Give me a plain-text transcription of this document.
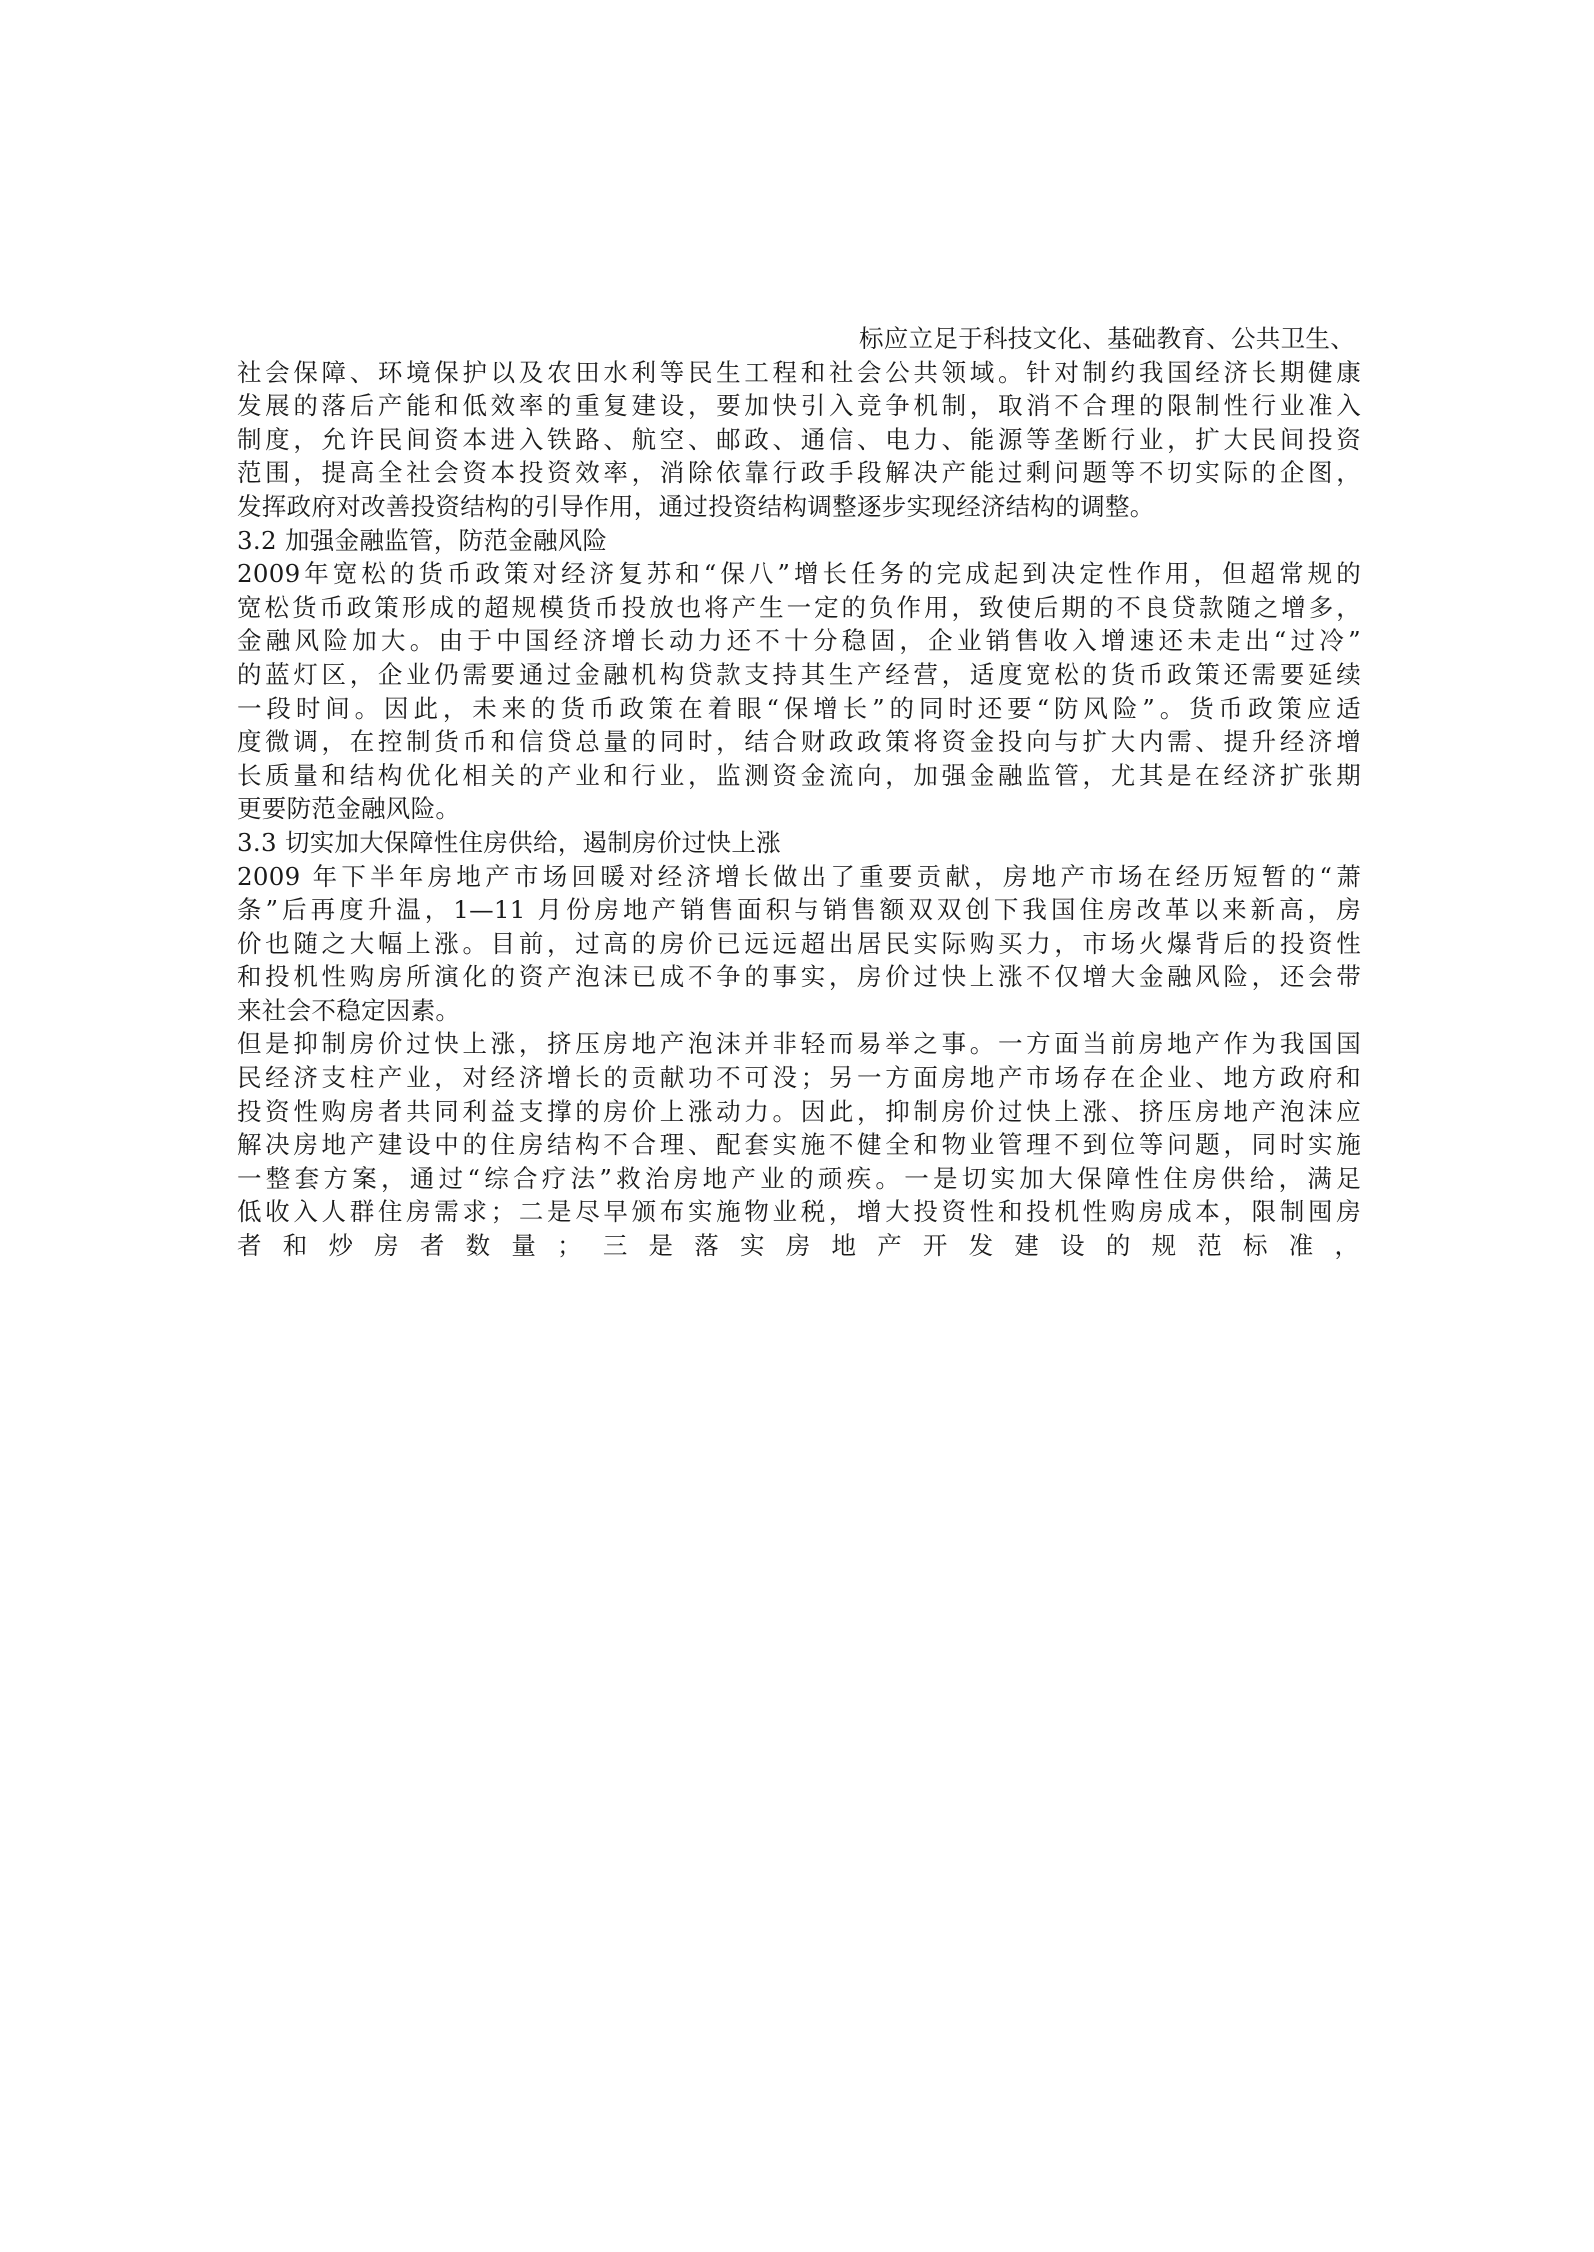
标应立足于科技文化、基础教育、公共卫生、
社会保障、环境保护以及农田水利等民生工程和社会公共领域。针对制约我国经济长期健康
发展的落后产能和低效率的重复建设，要加快引入竞争机制，取消不合理的限制性行业准入
制度，允许民间资本进入铁路、航空、邮政、通信、电力、能源等垄断行业，扩大民间投资
范围，提高全社会资本投资效率，消除依靠行政手段解决产能过剩问题等不切实际的企图，
发挥政府对改善投资结构的引导作用，通过投资结构调整逐步实现经济结构的调整。
3.2 加强金融监管，防范金融风险
2009年宽松的货币政策对经济复苏和“保八”增长任务的完成起到决定性作用，但超常规的
宽松货币政策形成的超规模货币投放也将产生一定的负作用，致使后期的不良贷款随之增多，
金融风险加大。由于中国经济增长动力还不十分稳固，企业销售收入增速还未走出“过冷”
的蓝灯区，企业仍需要通过金融机构贷款支持其生产经营，适度宽松的货币政策还需要延续
一段时间。因此，未来的货币政策在着眼“保增长”的同时还要“防风险”。货币政策应适
度微调，在控制货币和信贷总量的同时，结合财政政策将资金投向与扩大内需、提升经济增
长质量和结构优化相关的产业和行业，监测资金流向，加强金融监管，尤其是在经济扩张期
更要防范金融风险。
3.3 切实加大保障性住房供给，遏制房价过快上涨
2009 年下半年房地产市场回暖对经济增长做出了重要贡献，房地产市场在经历短暂的“萧
条”后再度升温，1—11 月份房地产销售面积与销售额双双创下我国住房改革以来新高，房
价也随之大幅上涨。目前，过高的房价已远远超出居民实际购买力，市场火爆背后的投资性
和投机性购房所演化的资产泡沫已成不争的事实，房价过快上涨不仅增大金融风险，还会带
来社会不稳定因素。
但是抑制房价过快上涨，挤压房地产泡沫并非轻而易举之事。一方面当前房地产作为我国国
民经济支柱产业，对经济增长的贡献功不可没；另一方面房地产市场存在企业、地方政府和
投资性购房者共同利益支撑的房价上涨动力。因此，抑制房价过快上涨、挤压房地产泡沫应
解决房地产建设中的住房结构不合理、配套实施不健全和物业管理不到位等问题，同时实施
一整套方案，通过“综合疗法”救治房地产业的顽疾。一是切实加大保障性住房供给，满足
低收入人群住房需求；二是尽早颁布实施物业税，增大投资性和投机性购房成本，限制囤房
者和炒房者数量；三是落实房地产开发建设的规范标准，
